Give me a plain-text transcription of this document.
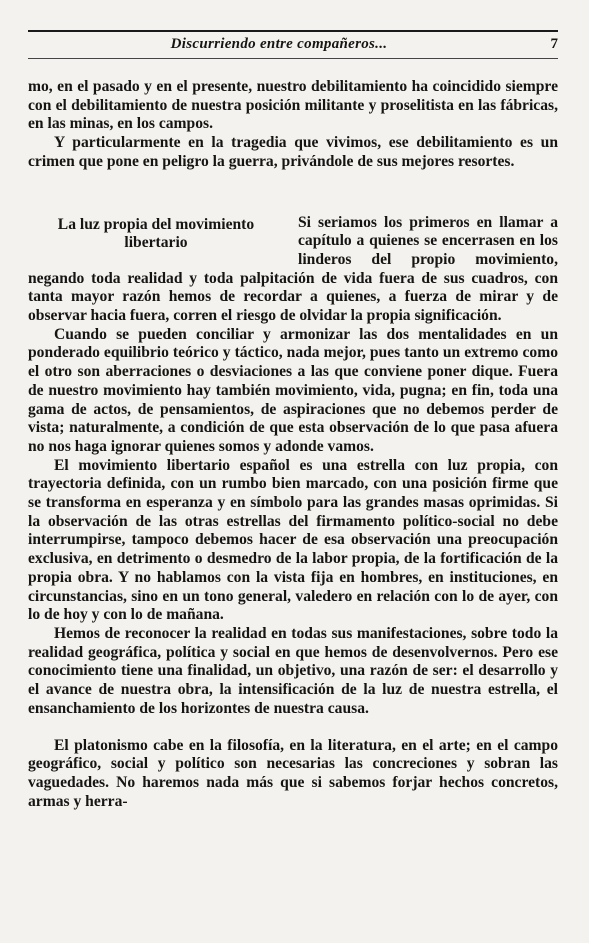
Discurriendo entre compañeros...	7

mo, en el pasado y en el presente, nuestro debilitamiento ha coincidido siempre con el debilitamiento de nuestra posición militante y proselitista en las fábricas, en las minas, en los campos.

Y particularmente en la tragedia que vivimos, ese debilitamiento es un crimen que pone en peligro la guerra, privándole de sus mejores resortes.

La luz propia del movimiento libertario

Si seriamos los primeros en llamar a capítulo a quienes se encerrasen en los linderos del propio movimiento, negando toda realidad y toda palpitación de vida fuera de sus cuadros, con tanta mayor razón hemos de recordar a quienes, a fuerza de mirar y de observar hacia fuera, corren el riesgo de olvidar la propia significación.

Cuando se pueden conciliar y armonizar las dos mentalidades en un ponderado equilibrio teórico y táctico, nada mejor, pues tanto un extremo como el otro son aberraciones o desviaciones a las que conviene poner dique. Fuera de nuestro movimiento hay también movimiento, vida, pugna; en fin, toda una gama de actos, de pensamientos, de aspiraciones que no debemos perder de vista; naturalmente, a condición de que esta observación de lo que pasa afuera no nos haga ignorar quienes somos y adonde vamos.

El movimiento libertario español es una estrella con luz propia, con trayectoria definida, con un rumbo bien marcado, con una posición firme que se transforma en esperanza y en símbolo para las grandes masas oprimidas. Si la observación de las otras estrellas del firmamento político-social no debe interrumpirse, tampoco debemos hacer de esa observación una preocupación exclusiva, en detrimento o desmedro de la labor propia, de la fortificación de la propia obra. Y no hablamos con la vista fija en hombres, en instituciones, en circunstancias, sino en un tono general, valedero en relación con lo de ayer, con lo de hoy y con lo de mañana.

Hemos de reconocer la realidad en todas sus manifestaciones, sobre todo la realidad geográfica, política y social en que hemos de desenvolvernos. Pero ese conocimiento tiene una finalidad, un objetivo, una razón de ser: el desarrollo y el avance de nuestra obra, la intensificación de la luz de nuestra estrella, el ensanchamiento de los horizontes de nuestra causa.

El platonismo cabe en la filosofía, en la literatura, en el arte; en el campo geográfico, social y político son necesarias las concreciones y sobran las vaguedades. No haremos nada más que si sabemos forjar hechos concretos, armas y herra-
